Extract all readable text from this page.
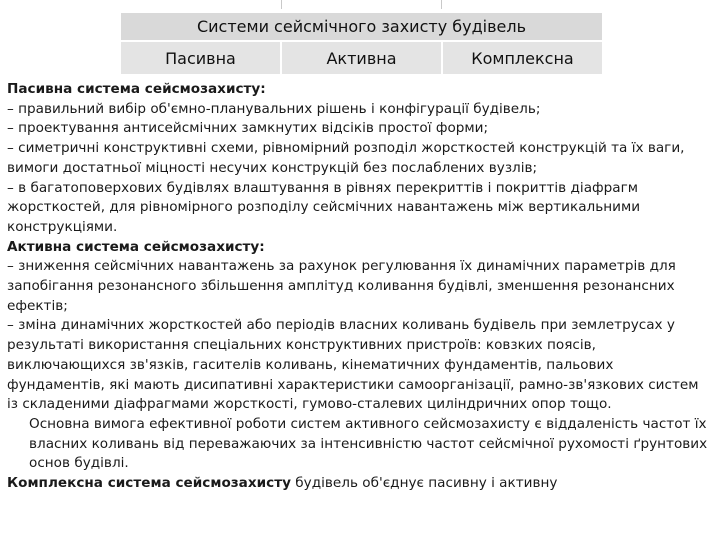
Системи сейсмічного захисту будівель
Пасивна	Активна	Комплексна

Пасивна система сейсмозахисту:

– правильний вибір об'ємно-планувальних рішень і конфігурації будівель;

– проектування антисейсмічних замкнутих відсіків простої форми;

– симетричні конструктивні схеми, рівномірний розподіл жорсткостей конструкцій та їх ваги, вимоги достатньої міцності несучих конструкцій без послаблених вузлів;

– в багатоповерхових будівлях влаштування в рівнях перекриттів і покриттів діафрагм жорсткостей, для рівномірного розподілу сейсмічних навантажень між вертикальними конструкціями.

Активна система сейсмозахисту:

– зниження сейсмічних навантажень за рахунок регулювання їх динамічних параметрів для запобігання резонансного збільшення амплітуд коливання будівлі, зменшення резонансних ефектів;

– зміна динамічних жорсткостей або періодів власних коливань будівель при землетрусах у результаті використання спеціальних конструктивних пристроїв: ковзких поясів, виключающихся зв'язків, гасителів коливань, кінематичних фундаментів, пальових фундаментів, які мають дисипативні характеристики самоорганізації, рамно-зв'язкових систем із складеними діафрагмами жорсткості, гумово-сталевих циліндричних опор тощо.

Основна вимога ефективної роботи систем активного сейсмозахисту є віддаленість частот їх власних коливань від переважаючих за інтенсивністю частот сейсмічної рухомості ґрунтових основ будівлі.

Комплексна система сейсмозахисту будівель об'єднує пасивну і активну
